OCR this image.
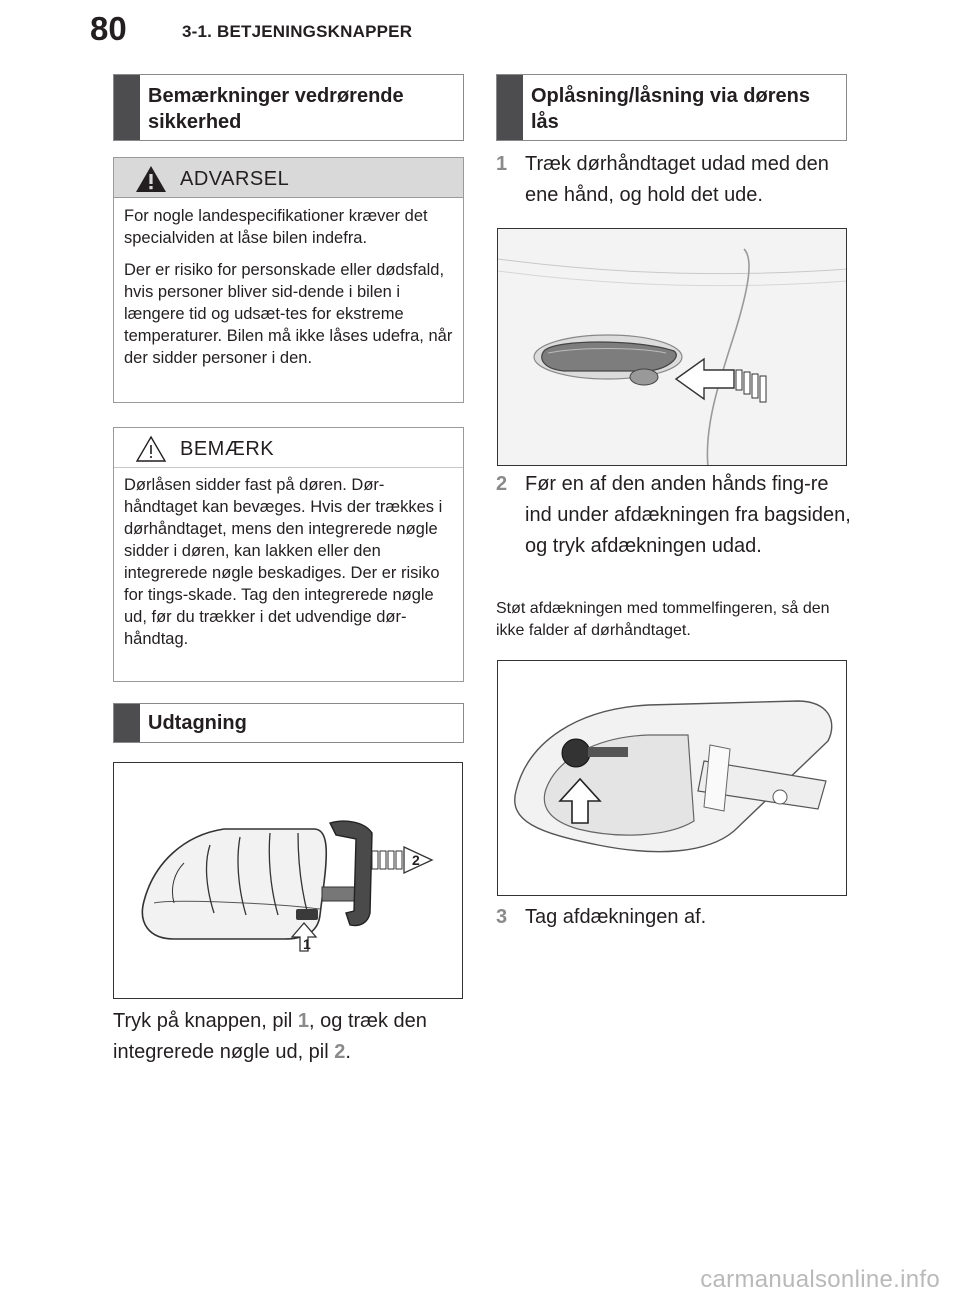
80	3-1. BETJENINGSKNAPPER
Bemærkninger vedrørende sikkerhed
ADVARSEL

For nogle landespecifikationer kræver det specialviden at låse bilen indefra.

Der er risiko for personskade eller dødsfald, hvis personer bliver sid-dende i bilen i længere tid og udsæt-tes for ekstreme temperaturer. Bilen må ikke låses udefra, når der sidder personer i den.

BEMÆRK

Dørlåsen sidder fast på døren. Dør-håndtaget kan bevæges. Hvis der trækkes i dørhåndtaget, mens den integrerede nøgle sidder i døren, kan lakken eller den integrerede nøgle beskadiges. Der er risiko for tings-skade. Tag den integrerede nøgle ud, før du trækker i det udvendige dør-håndtag.

Udtagning
2
1
Tryk på knappen, pil 1, og træk den integrerede nøgle ud, pil 2.
Oplåsning/låsning via dørens lås
1 Træk dørhåndtaget udad med den ene hånd, og hold det ude.
2 Før en af den anden hånds fing-re ind under afdækningen fra bagsiden, og tryk afdækningen udad.
Støt afdækningen med tommelfingeren, så den ikke falder af dørhåndtaget.
3 Tag afdækningen af.
carmanualsonline.info
